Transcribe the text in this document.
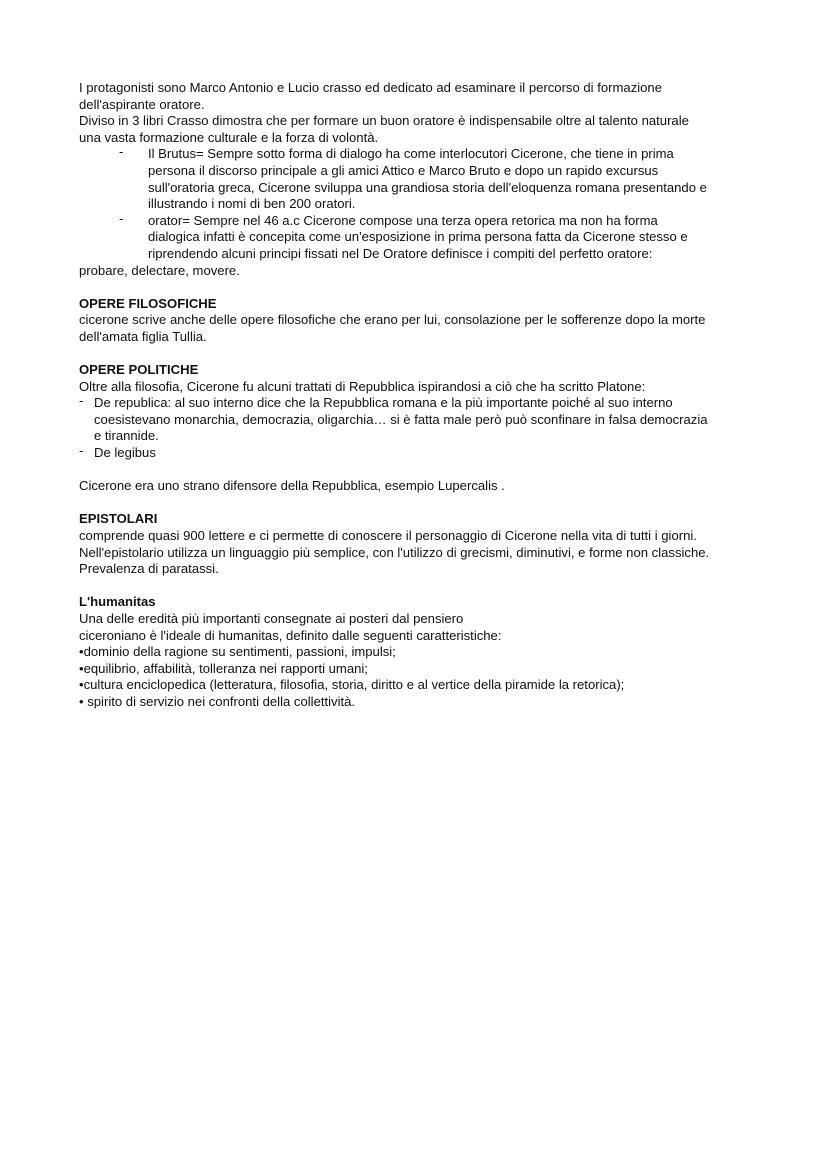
I protagonisti sono Marco Antonio e Lucio crasso ed dedicato ad esaminare il percorso di formazione
dell'aspirante oratore.

Diviso in 3 libri Crasso dimostra che per formare un buon oratore è indispensabile oltre al talento naturale
una vasta formazione culturale e la forza di volontà.

- Il Brutus= Sempre sotto forma di dialogo ha come interlocutori Cicerone, che tiene in prima
persona il discorso principale a gli amici Attico e Marco Bruto e dopo un rapido excursus
sull'oratoria greca, Cicerone sviluppa una grandiosa storia dell'eloquenza romana presentando e
illustrando i nomi di ben 200 oratori.
- orator= Sempre nel 46 a.c Cicerone compose una terza opera retorica ma non ha forma
dialogica infatti è concepita come un'esposizione in prima persona fatta da Cicerone stesso e
riprendendo alcuni principi fissati nel De Oratore definisce i compiti del perfetto oratore:

probare, delectare, movere.

OPERE FILOSOFICHE

cicerone scrive anche delle opere filosofiche che erano per lui, consolazione per le sofferenze dopo la morte
dell'amata figlia Tullia.

OPERE POLITICHE

Oltre alla filosofia, Cicerone fu alcuni trattati di Repubblica ispirandosi a ciò che ha scritto Platone:

- De republica: al suo interno dice che la Repubblica romana e la più importante poiché al suo interno
coesistevano monarchia, democrazia, oligarchia… si è fatta male però può sconfinare in falsa democrazia
e tirannide.
- De legibus

Cicerone era uno strano difensore della Repubblica, esempio Lupercalis .

EPISTOLARI

comprende quasi 900 lettere e ci permette di conoscere il personaggio di Cicerone nella vita di tutti i giorni.
Nell'epistolario utilizza un linguaggio più semplice, con l'utilizzo di grecismi, diminutivi, e forme non classiche.
Prevalenza di paratassi.

L'humanitas

Una delle eredità più importanti consegnate ai posteri dal pensiero
ciceroniano è l'ideale di humanitas, definito dalle seguenti caratteristiche:

• dominio della ragione su sentimenti, passioni, impulsi;
• equilibrio, affabilità, tolleranza nei rapporti umani;
• cultura enciclopedica (letteratura, filosofia, storia, diritto e al vertice della piramide la retorica);
• spirito di servizio nei confronti della collettività.
